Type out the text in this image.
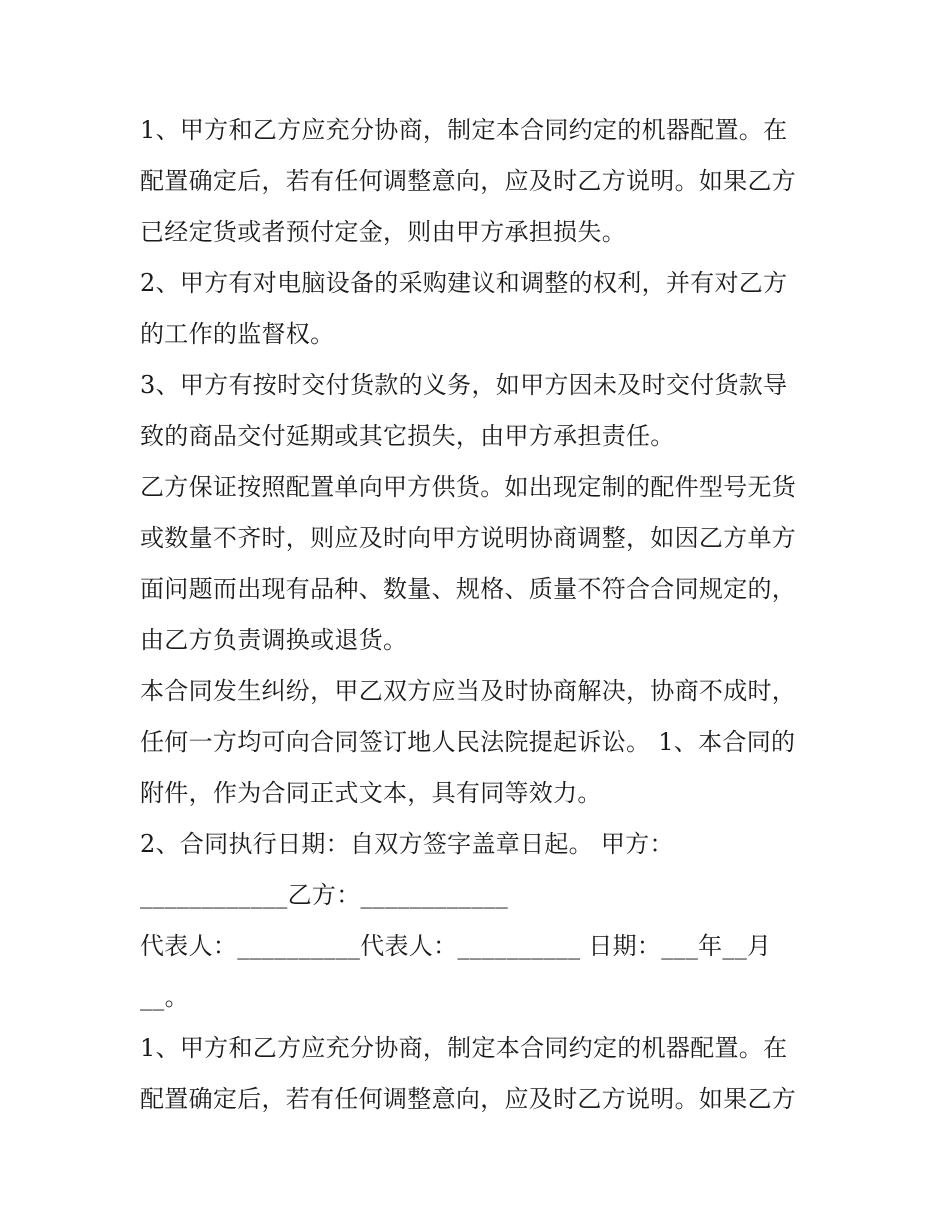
1、甲方和乙方应充分协商，制定本合同约定的机器配置。在
配置确定后，若有任何调整意向，应及时乙方说明。如果乙方
已经定货或者预付定金，则由甲方承担损失。
2、甲方有对电脑设备的采购建议和调整的权利，并有对乙方
的工作的监督权。
3、甲方有按时交付货款的义务，如甲方因未及时交付货款导
致的商品交付延期或其它损失，由甲方承担责任。
乙方保证按照配置单向甲方供货。如出现定制的配件型号无货
或数量不齐时，则应及时向甲方说明协商调整，如因乙方单方
面问题而出现有品种、数量、规格、质量不符合合同规定的，
由乙方负责调换或退货。
本合同发生纠纷，甲乙双方应当及时协商解决，协商不成时，
任何一方均可向合同签订地人民法院提起诉讼。 1、本合同的
附件，作为合同正式文本，具有同等效力。
2、合同执行日期：自双方签字盖章日起。 甲方：
____________乙方：____________
代表人：__________代表人：__________ 日期：___年__月
__。
1、甲方和乙方应充分协商，制定本合同约定的机器配置。在
配置确定后，若有任何调整意向，应及时乙方说明。如果乙方
